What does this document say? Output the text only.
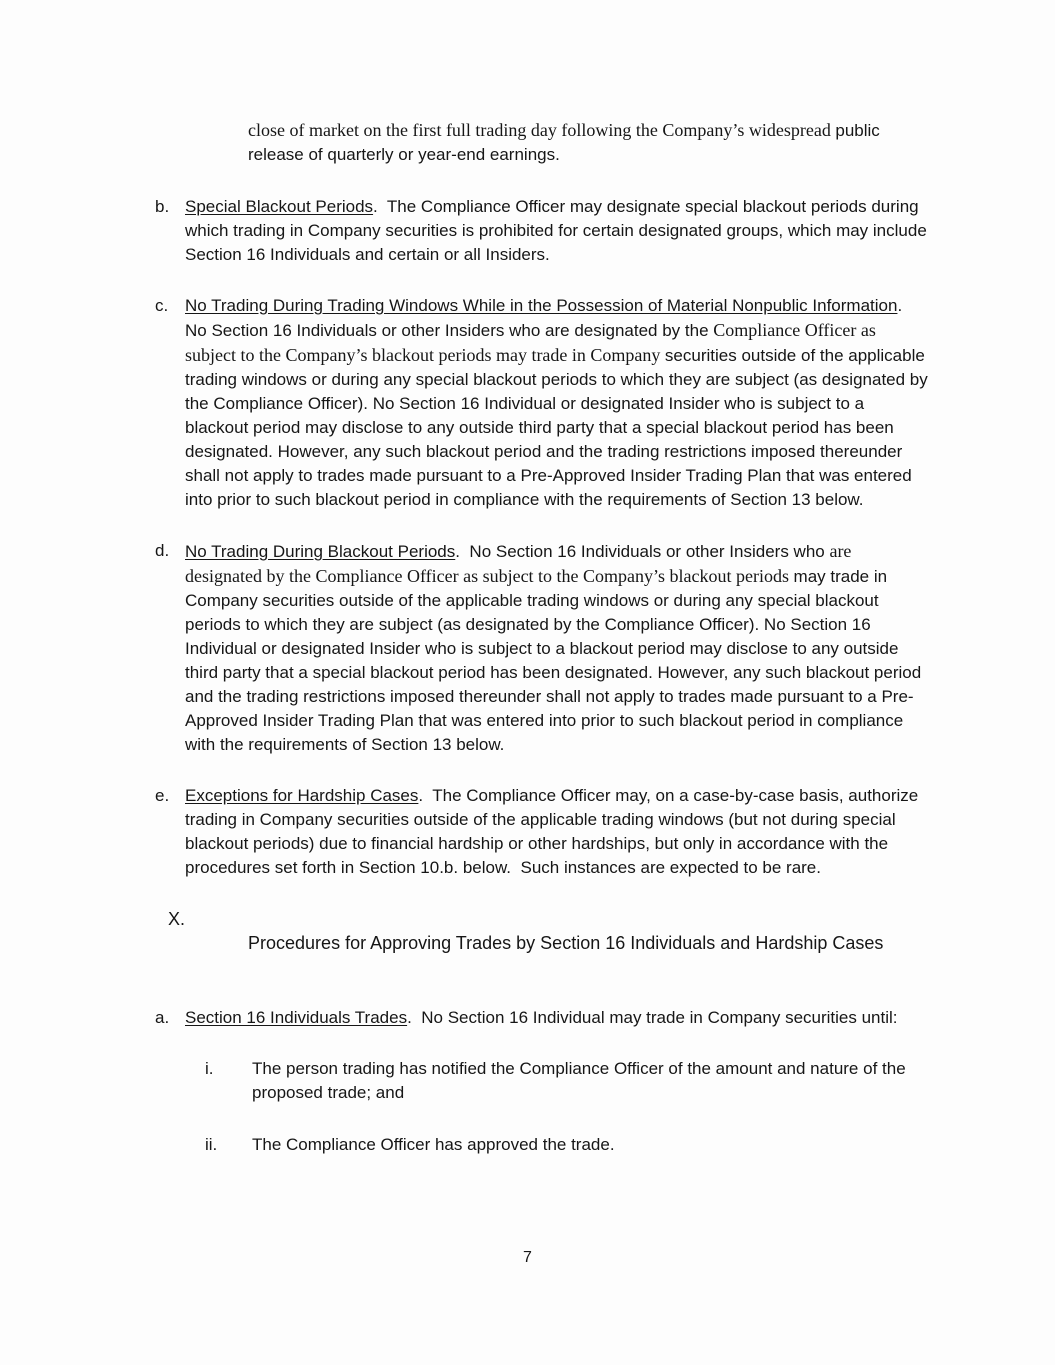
close of market on the first full trading day following the Company’s widespread public release of quarterly or year-end earnings.

b. Special Blackout Periods.  The Compliance Officer may designate special blackout periods during which trading in Company securities is prohibited for certain designated groups, which may include Section 16 Individuals and certain or all Insiders.

c. No Trading During Trading Windows While in the Possession of Material Nonpublic Information.  No Section 16 Individuals or other Insiders who are designated by the Compliance Officer as subject to the Company’s blackout periods may trade in Company securities outside of the applicable trading windows or during any special blackout periods to which they are subject (as designated by the Compliance Officer). No Section 16 Individual or designated Insider who is subject to a blackout period may disclose to any outside third party that a special blackout period has been designated. However, any such blackout period and the trading restrictions imposed thereunder shall not apply to trades made pursuant to a Pre-Approved Insider Trading Plan that was entered into prior to such blackout period in compliance with the requirements of Section 13 below.

d. No Trading During Blackout Periods.  No Section 16 Individuals or other Insiders who are designated by the Compliance Officer as subject to the Company’s blackout periods may trade in Company securities outside of the applicable trading windows or during any special blackout periods to which they are subject (as designated by the Compliance Officer). No Section 16 Individual or designated Insider who is subject to a blackout period may disclose to any outside third party that a special blackout period has been designated. However, any such blackout period and the trading restrictions imposed thereunder shall not apply to trades made pursuant to a Pre-Approved Insider Trading Plan that was entered into prior to such blackout period in compliance with the requirements of Section 13 below.

e. Exceptions for Hardship Cases.  The Compliance Officer may, on a case-by-case basis, authorize trading in Company securities outside of the applicable trading windows (but not during special blackout periods) due to financial hardship or other hardships, but only in accordance with the procedures set forth in Section 10.b. below.  Such instances are expected to be rare.

X.
Procedures for Approving Trades by Section 16 Individuals and Hardship Cases

a. Section 16 Individuals Trades.  No Section 16 Individual may trade in Company securities until:

i. The person trading has notified the Compliance Officer of the amount and nature of the proposed trade; and

ii. The Compliance Officer has approved the trade.

7
